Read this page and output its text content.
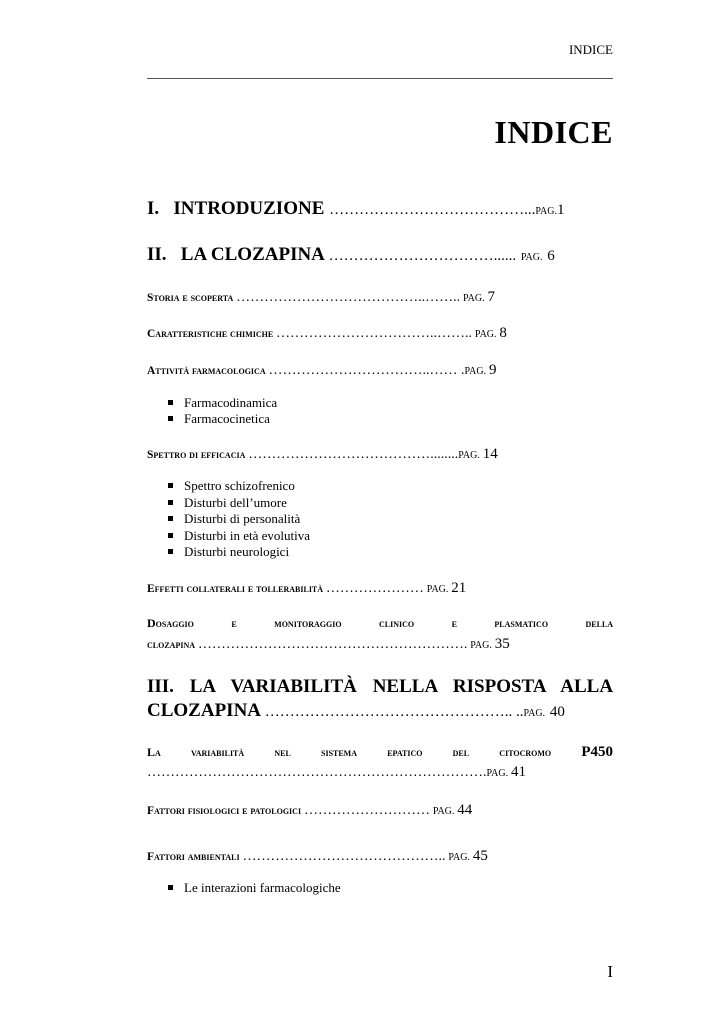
INDICE
INDICE
I. INTRODUZIONE …………………………………...PAG.1
II. LA CLOZAPINA ……………………………...... PAG. 6
Storia e scoperta …………………………………..…….. PAG. 7
Caratteristiche chimiche ……………………………..…….. PAG. 8
Attività farmacologica ……………………………..…… .PAG. 9
Farmacodinamica
Farmacocinetica
Spettro di efficacia …………………………………........PAG. 14
Spettro schizofrenico
Disturbi dell’umore
Disturbi di personalità
Disturbi in età evolutiva
Disturbi neurologici
Effetti collaterali e tollerabilità ………………… PAG. 21
Dosaggio	e	monitoraggio	clinico	e	plasmatico	della
clozapina …………………………………………………. PAG. 35
III. LA VARIABILITÀ NELLA RISPOSTA ALLA
CLOZAPINA ………………………………………….. ..PAG. 40
La	variabilità	nel	sistema	epatico	del	citocromo P450
……………………………………………………………….PAG. 41
Fattori fisiologici e patologici ……………………… PAG. 44
Fattori ambientali …………………………………….. PAG. 45
Le interazioni farmacologiche
I
